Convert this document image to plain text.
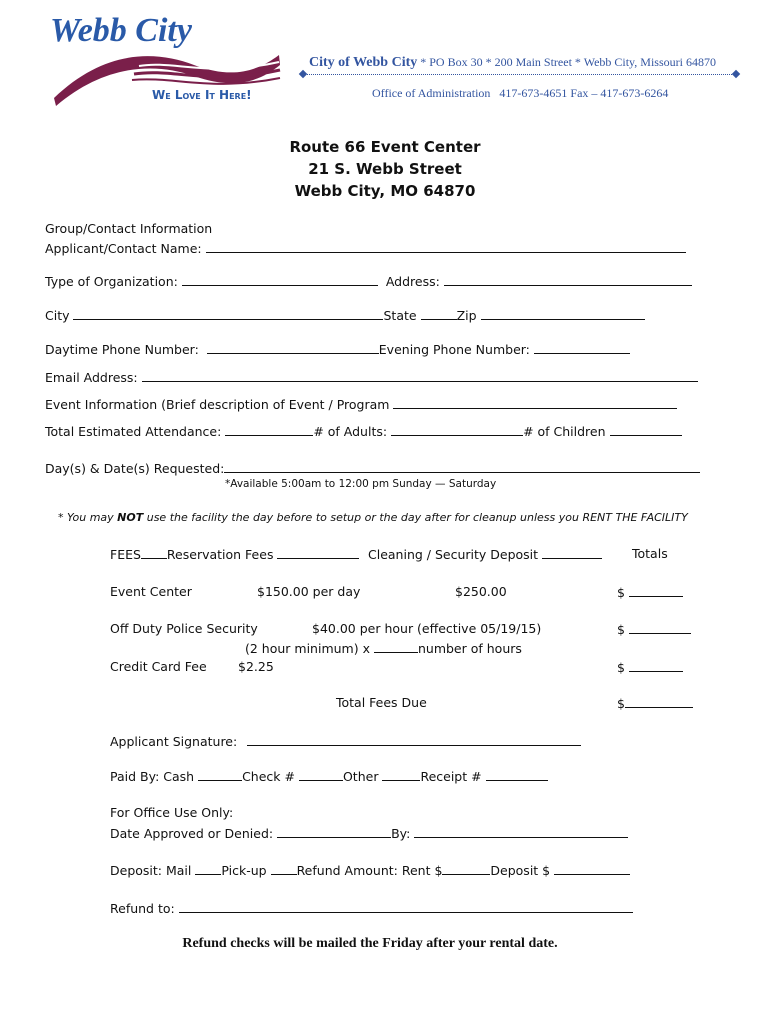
Webb City
We Love It Here!
City of Webb City * PO Box 30 * 200 Main Street * Webb City, Missouri 64870
Office of Administration   417-673-4651 Fax – 417-673-6264
Route 66 Event Center
21 S. Webb Street
Webb City, MO 64870
Group/Contact Information
Applicant/Contact Name:
Type of Organization:	Address:
City	State	Zip
Daytime Phone Number:	Evening Phone Number:
Email Address:
Event Information (Brief description of Event / Program
Total Estimated Attendance:	# of Adults:	# of Children
Day(s) & Date(s) Requested:
*Available 5:00am to 12:00 pm Sunday — Saturday
* You may NOT use the facility the day before to setup or the day after for cleanup unless you RENT THE FACILITY
FEES Reservation Fees	Cleaning / Security Deposit	Totals
Event Center	$150.00 per day	$250.00	$
Off Duty Police Security	$40.00 per hour (effective 05/19/15)	$
(2 hour minimum) x	number of hours
Credit Card Fee	$2.25	$
Total Fees Due	$
Applicant Signature:
Paid By: Cash	Check #	Other	Receipt #
For Office Use Only:
Date Approved or Denied:	By:
Deposit: Mail Pick-up Refund Amount: Rent $	Deposit $
Refund to:
Refund checks will be mailed the Friday after your rental date.
